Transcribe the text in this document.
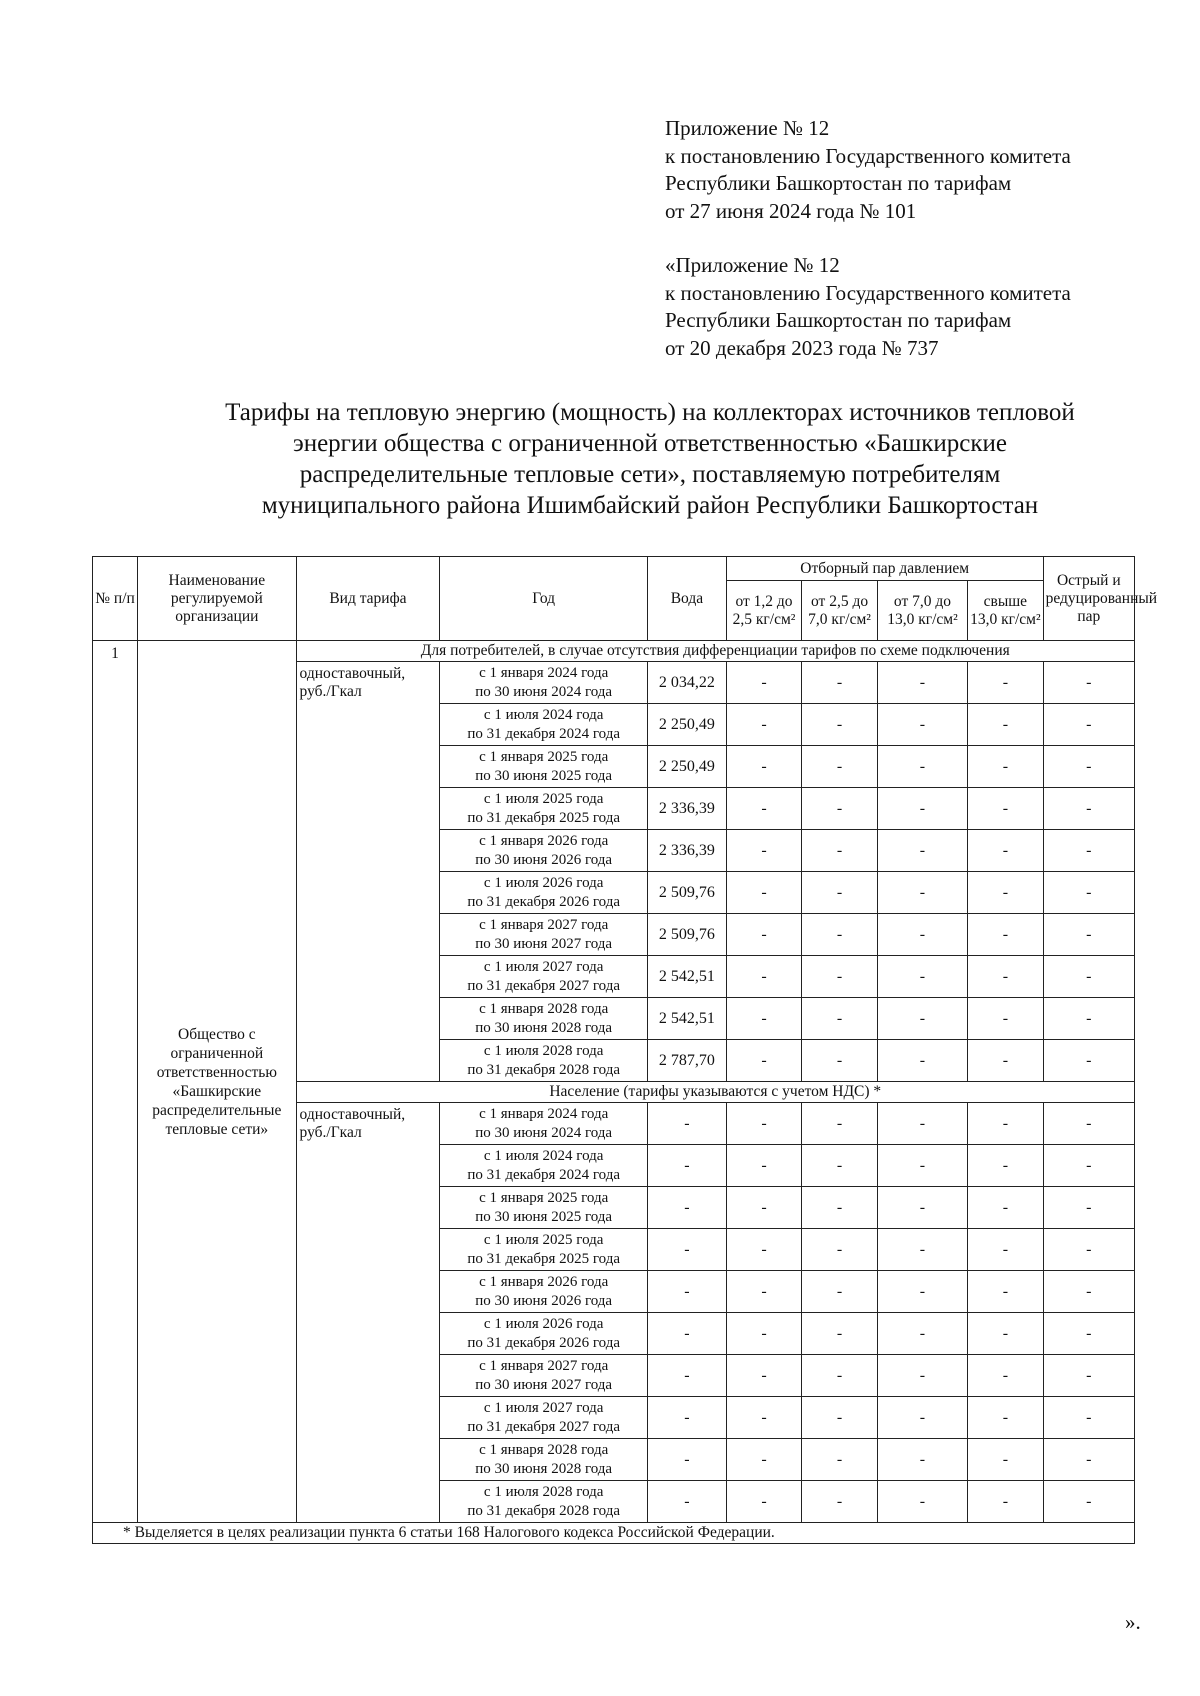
Приложение № 12
к постановлению Государственного комитета
Республики Башкортостан по тарифам
от 27 июня 2024 года № 101
«Приложение № 12
к постановлению Государственного комитета
Республики Башкортостан по тарифам
от 20 декабря 2023 года № 737
Тарифы на тепловую энергию (мощность) на коллекторах источников тепловой
энергии общества с ограниченной ответственностью «Башкирские
распределительные тепловые сети», поставляемую потребителям
муниципального района Ишимбайский район Республики Башкортостан
№ п/п	Наименование регулируемой организации	Вид тарифа	Год	Вода	Отборный пар давлением				Острый и редуцированный пар
					от 1,2 до 2,5 кг/см²	от 2,5 до 7,0 кг/см²	от 7,0 до 13,0 кг/см²	свыше 13,0 кг/см²	
1	Общество с ограниченной ответственностью «Башкирские распределительные тепловые сети»	Для потребителей, в случае отсутствия дифференциации тарифов по схеме подключения							
		одноставочный, руб./Гкал	с 1 января 2024 года
по 30 июня 2024 года	2 034,22	-	-	-	-	-

			с 1 июля 2024 года
по 31 декабря 2024 года	2 250,49	-	-	-	-	-

			с 1 января 2025 года
по 30 июня 2025 года	2 250,49	-	-	-	-	-

			с 1 июля 2025 года
по 31 декабря 2025 года	2 336,39	-	-	-	-	-

			с 1 января 2026 года
по 30 июня 2026 года	2 336,39	-	-	-	-	-

			с 1 июля 2026 года
по 31 декабря 2026 года	2 509,76	-	-	-	-	-

			с 1 января 2027 года
по 30 июня 2027 года	2 509,76	-	-	-	-	-

			с 1 июля 2027 года
по 31 декабря 2027 года	2 542,51	-	-	-	-	-

			с 1 января 2028 года
по 30 июня 2028 года	2 542,51	-	-	-	-	-

			с 1 июля 2028 года
по 31 декабря 2028 года	2 787,70	-	-	-	-	-
		Население (тарифы указываются с учетом НДС) *							
		одноставочный, руб./Гкал	с 1 января 2024 года
по 30 июня 2024 года	-	-	-	-	-	-

			с 1 июля 2024 года
по 31 декабря 2024 года	-	-	-	-	-	-

			с 1 января 2025 года
по 30 июня 2025 года	-	-	-	-	-	-

			с 1 июля 2025 года
по 31 декабря 2025 года	-	-	-	-	-	-

			с 1 января 2026 года
по 30 июня 2026 года	-	-	-	-	-	-

			с 1 июля 2026 года
по 31 декабря 2026 года	-	-	-	-	-	-

			с 1 января 2027 года
по 30 июня 2027 года	-	-	-	-	-	-

			с 1 июля 2027 года
по 31 декабря 2027 года	-	-	-	-	-	-

			с 1 января 2028 года
по 30 июня 2028 года	-	-	-	-	-	-

			с 1 июля 2028 года
по 31 декабря 2028 года	-	-	-	-	-	-
* Выделяется в целях реализации пункта 6 статьи 168 Налогового кодекса Российской Федерации.									
».
